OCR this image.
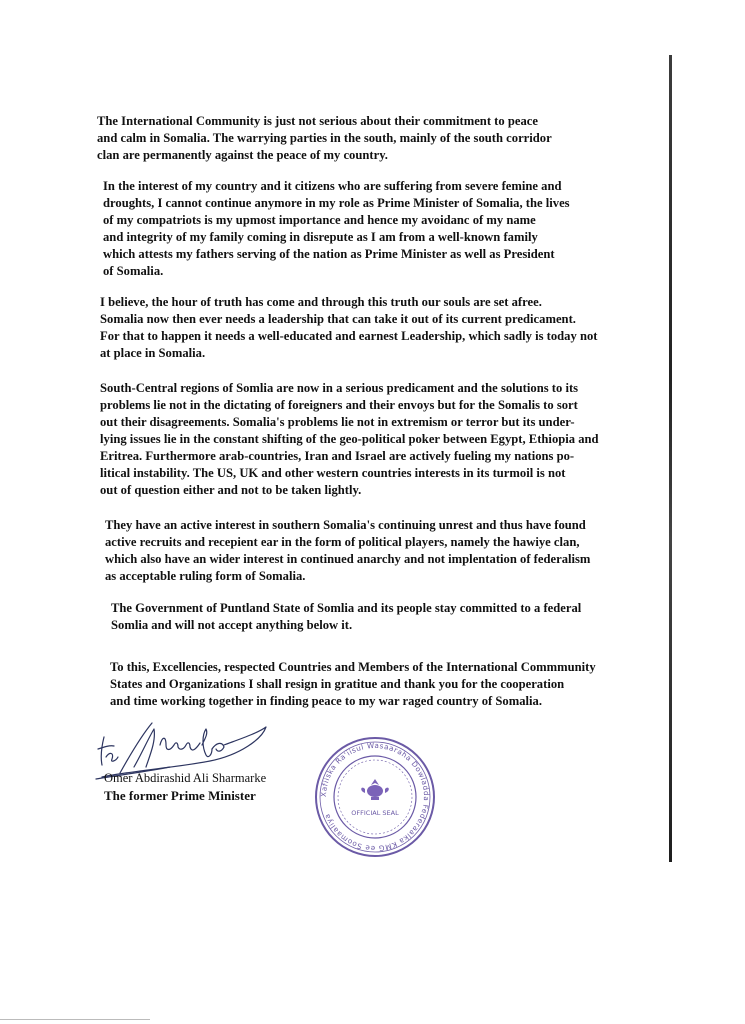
The International Community is just not serious about their commitment to peace
and calm in Somalia. The warrying parties in the south, mainly of the south corridor
clan are permanently against the peace of my country.

In the interest of my country and it citizens who are suffering from severe femine and
droughts, I cannot continue anymore in my role as Prime Minister of Somalia, the lives
of my compatriots is my upmost importance and hence my avoidanc of my name
and integrity of my family coming in disrepute as I am from a well-known family
which attests my fathers serving of the nation as Prime Minister as well as President
of Somalia.

I believe, the hour of truth has come and through this truth our souls are set afree.
Somalia now then ever needs a leadership that can take it out of its current predicament.
For that to happen it needs a well-educated and earnest Leadership, which sadly is today not
at place in Somalia.

South-Central regions of Somlia are now in a serious predicament and the solutions to its
problems lie not in the dictating of foreigners and their envoys but for the Somalis to sort
out their disagreements. Somalia's problems lie not in extremism or terror but its under-
lying issues lie in the constant shifting of the geo-political poker between Egypt, Ethiopia and
Eritrea. Furthermore arab-countries, Iran and Israel are actively fueling my nations po-
litical instability. The US, UK and other western countries interests in its turmoil is not
out of question either and not to be taken lightly.

They have an active interest in southern Somalia's continuing unrest and thus have found
active recruits and recepient ear in the form of political players, namely the hawiye clan,
which also have an wider interest in continued anarchy and not implentation of federalism
as acceptable ruling form of Somalia.

The Government of Puntland State of Somlia and its people stay committed to a federal
Somlia and will not accept anything below it.

To this, Excellencies, respected Countries and Members of the International Commmunity
States and Organizations I shall resign in gratitue and thank you for the cooperation
and time working together in finding peace to my war raged country of Somalia.

Omer Abdirashid Ali Sharmarke
The former Prime Minister	Xafiiska Ra'iisul Wasaaraha Dowladda Federaalka KMG ee Soomaaliya	OFFICIAL SEAL
